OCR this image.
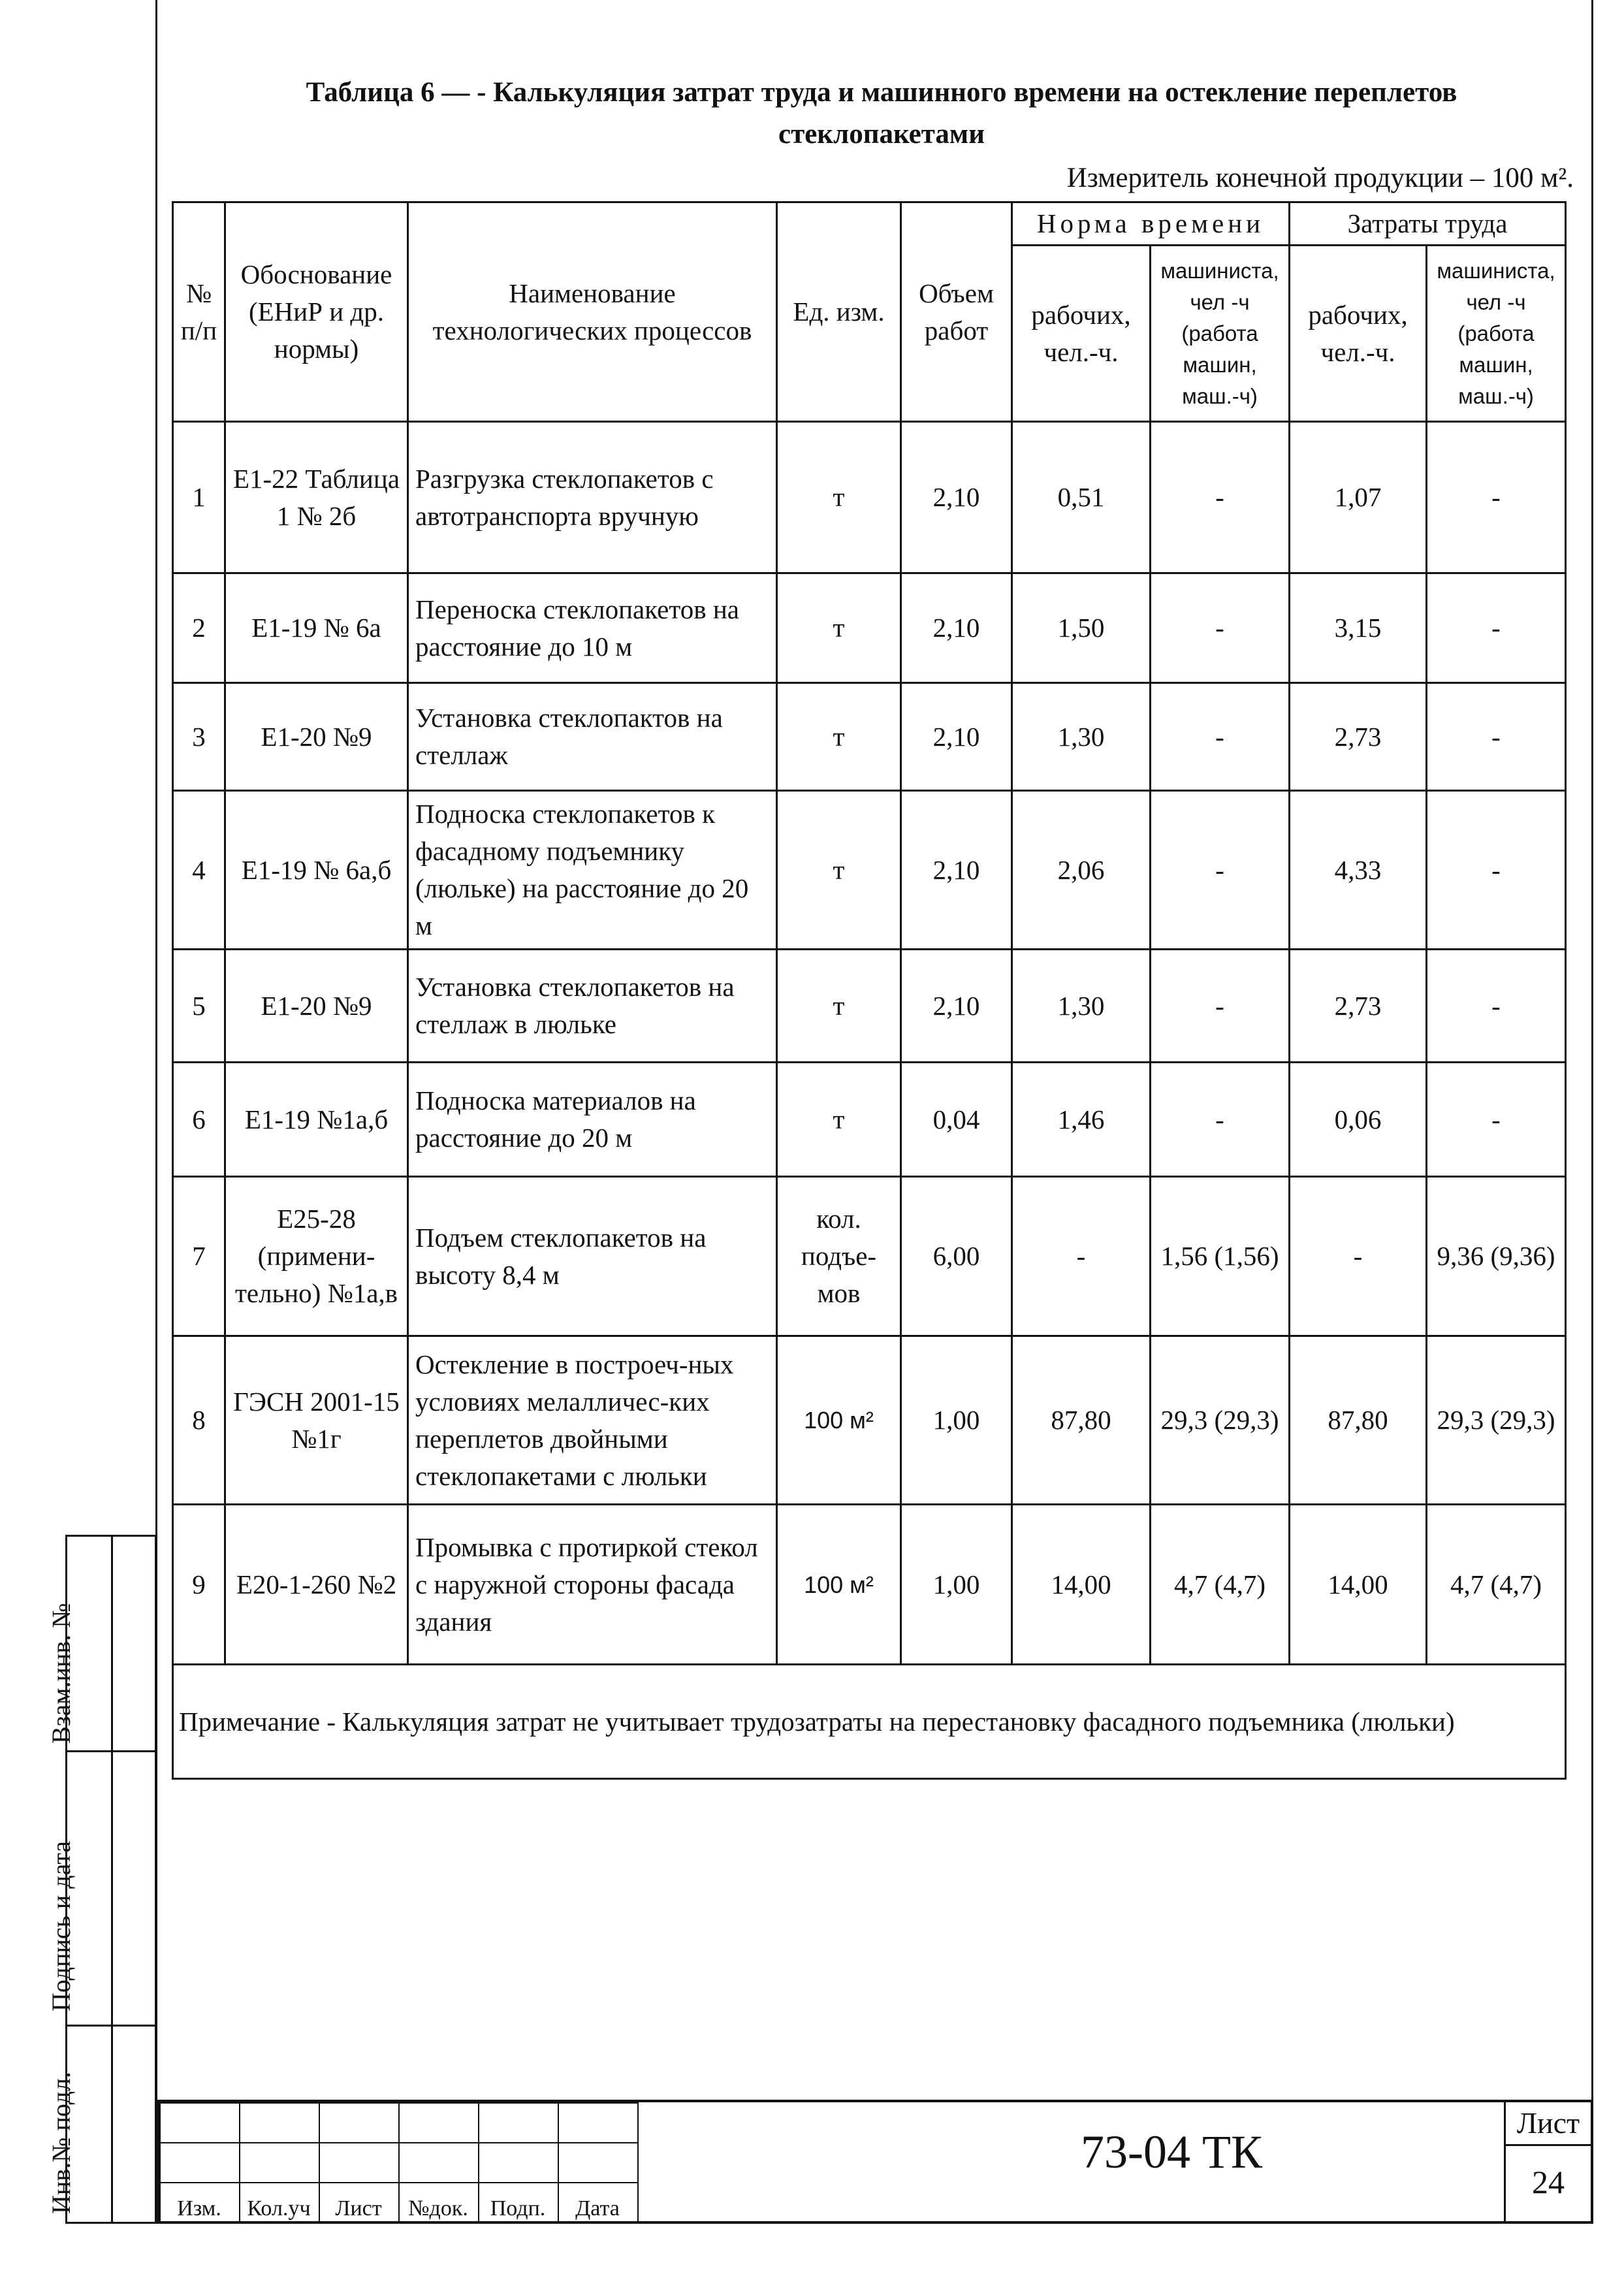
Таблица 6 — - Калькуляция затрат труда и машинного времени на остекление переплетов
стеклопакетами
Измеритель конечной продукции – 100 м².
№ п/п	Обоснование (ЕНиР и др. нормы)	Наименование технологических процессов	Ед. изм.	Объем работ	Норма времени		Затраты труда	
					рабочих, чел.-ч.	машиниста, чел -ч (работа машин, маш.-ч)	рабочих, чел.-ч.	машиниста, чел -ч (работа машин, маш.-ч)
1	Е1-22 Таблица 1 № 2б	Разгрузка стеклопакетов с автотранспорта вручную	т	2,10	0,51	-	1,07	-
2	Е1-19 № 6а	Переноска стеклопакетов на расстояние до 10 м	т	2,10	1,50	-	3,15	-
3	Е1-20 №9	Установка стеклопактов на стеллаж	т	2,10	1,30	-	2,73	-
4	Е1-19 № 6а,б	Подноска стеклопакетов к фасадному подъемнику (люльке) на расстояние до 20 м	т	2,10	2,06	-	4,33	-
5	Е1-20 №9	Установка стеклопакетов на стеллаж в люльке	т	2,10	1,30	-	2,73	-
6	Е1-19 №1а,б	Подноска материалов на расстояние до 20 м	т	0,04	1,46	-	0,06	-
7	Е25-28 (примени-тельно) №1а,в	Подъем стеклопакетов на высоту 8,4 м	кол. подъе-мов	6,00	-	1,56 (1,56)	-	9,36 (9,36)
8	ГЭСН 2001-15 №1г	Остекление в построеч-ных условиях мелалличес-ких переплетов двойными стеклопакетами с люльки	100 м²	1,00	87,80	29,3 (29,3)	87,80	29,3 (29,3)
9	Е20-1-260 №2	Промывка с протиркой стекол с наружной стороны фасада здания	100 м²	1,00	14,00	4,7 (4,7)	14,00	4,7 (4,7)
Примечание - Калькуляция затрат не учитывает трудозатраты на перестановку фасадного подъемника (люльки)								
Взам.инв. №
Подпись и дата
Инв.№ подл.

						Изм.	Кол.уч	Лист	№док. Подп.	Дата
73-04 ТК
Лист
24
